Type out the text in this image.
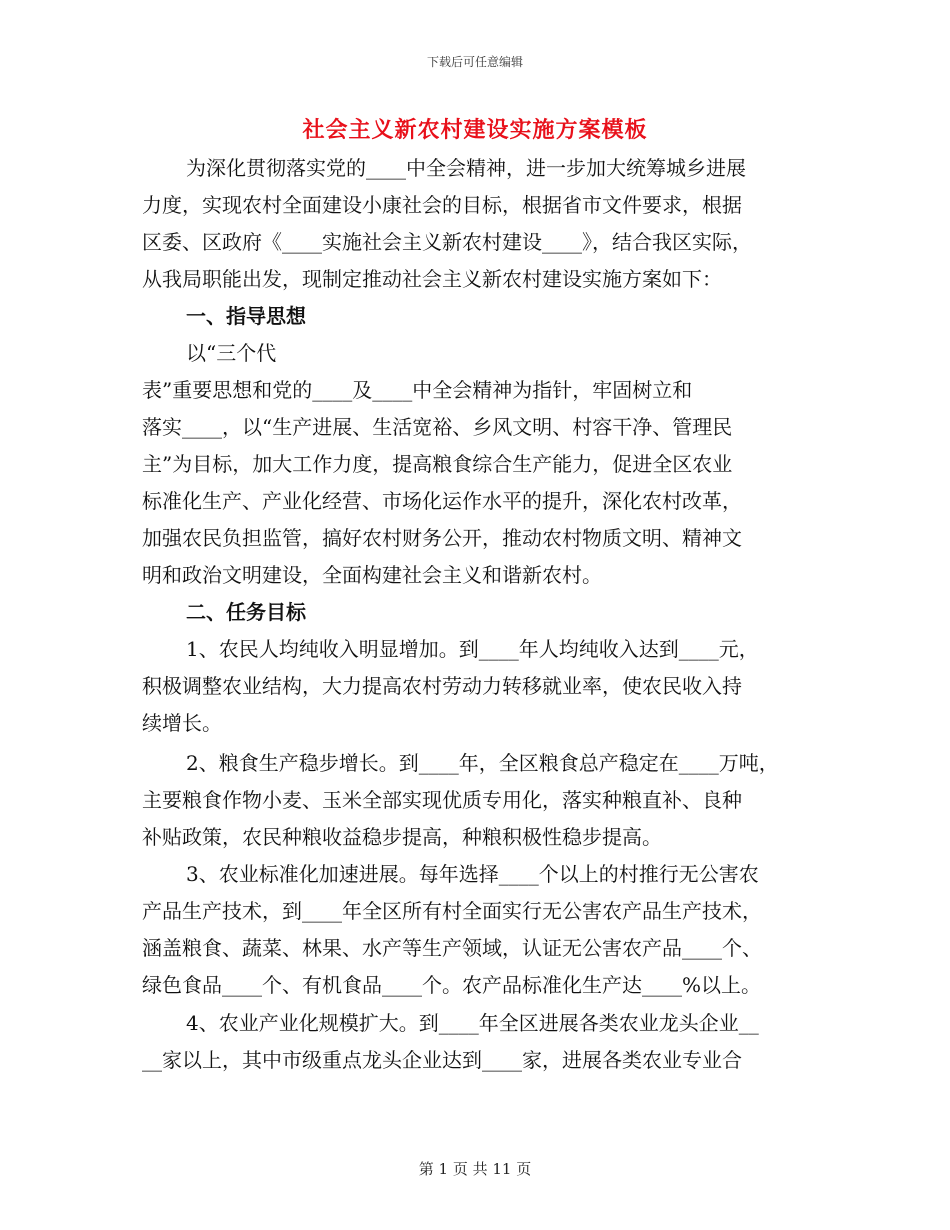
下载后可任意编辑
社会主义新农村建设实施方案模板
为深化贯彻落实党的____中全会精神，进一步加大统筹城乡进展
力度，实现农村全面建设小康社会的目标，根据省市文件要求，根据
区委、区政府《____实施社会主义新农村建设____》，结合我区实际，
从我局职能出发，现制定推动社会主义新农村建设实施方案如下：
一、指导思想
以“三个代
表”重要思想和党的____及____中全会精神为指针，牢固树立和
落实____，以“生产进展、生活宽裕、乡风文明、村容干净、管理民
主”为目标，加大工作力度，提高粮食综合生产能力，促进全区农业
标准化生产、产业化经营、市场化运作水平的提升，深化农村改革，
加强农民负担监管，搞好农村财务公开，推动农村物质文明、精神文
明和政治文明建设，全面构建社会主义和谐新农村。
二、任务目标
1、农民人均纯收入明显增加。到____年人均纯收入达到____元，
积极调整农业结构，大力提高农村劳动力转移就业率，使农民收入持
续增长。
2、粮食生产稳步增长。到____年，全区粮食总产稳定在____万吨，
主要粮食作物小麦、玉米全部实现优质专用化，落实种粮直补、良种
补贴政策，农民种粮收益稳步提高，种粮积极性稳步提高。
3、农业标准化加速进展。每年选择____个以上的村推行无公害农
产品生产技术，到____年全区所有村全面实行无公害农产品生产技术，
涵盖粮食、蔬菜、林果、水产等生产领域，认证无公害农产品____个、
绿色食品____个、有机食品____个。农产品标准化生产达____%以上。
4、农业产业化规模扩大。到____年全区进展各类农业龙头企业__
__家以上，其中市级重点龙头企业达到____家，进展各类农业专业合
第 1 页 共 11 页
